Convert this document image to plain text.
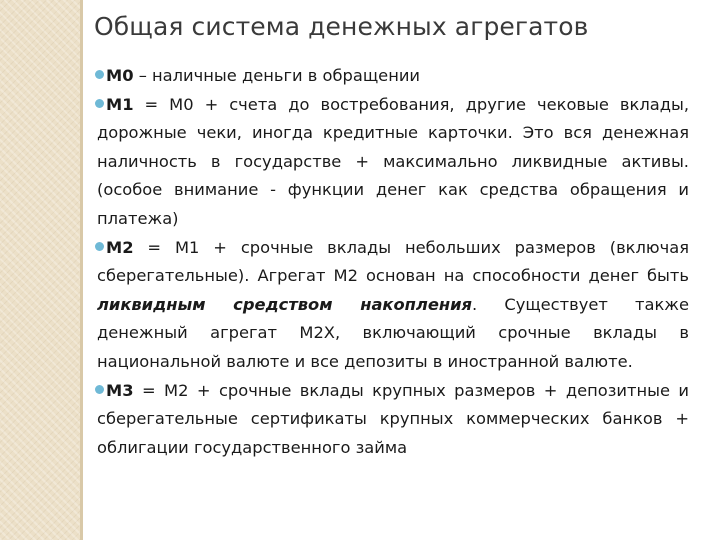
Общая система денежных агрегатов

М0 – наличные деньги в обращении

М1 = М0 + счета до востребования, другие чековые вклады, дорожные чеки, иногда кредитные карточки. Это вся денежная наличность в государстве + максимально ликвидные активы. (особое внимание - функции денег как средства обращения и платежа)

М2 = М1 + срочные вклады небольших размеров (включая сберегательные). Агрегат М2 основан на способности денег быть ликвидным средством накопления. Существует также денежный агрегат М2Х, включающий срочные вклады в национальной валюте и все депозиты в иностранной валюте.

М3 = М2 + срочные вклады крупных размеров + депозитные и сберегательные сертификаты крупных коммерческих банков + облигации государственного займа
